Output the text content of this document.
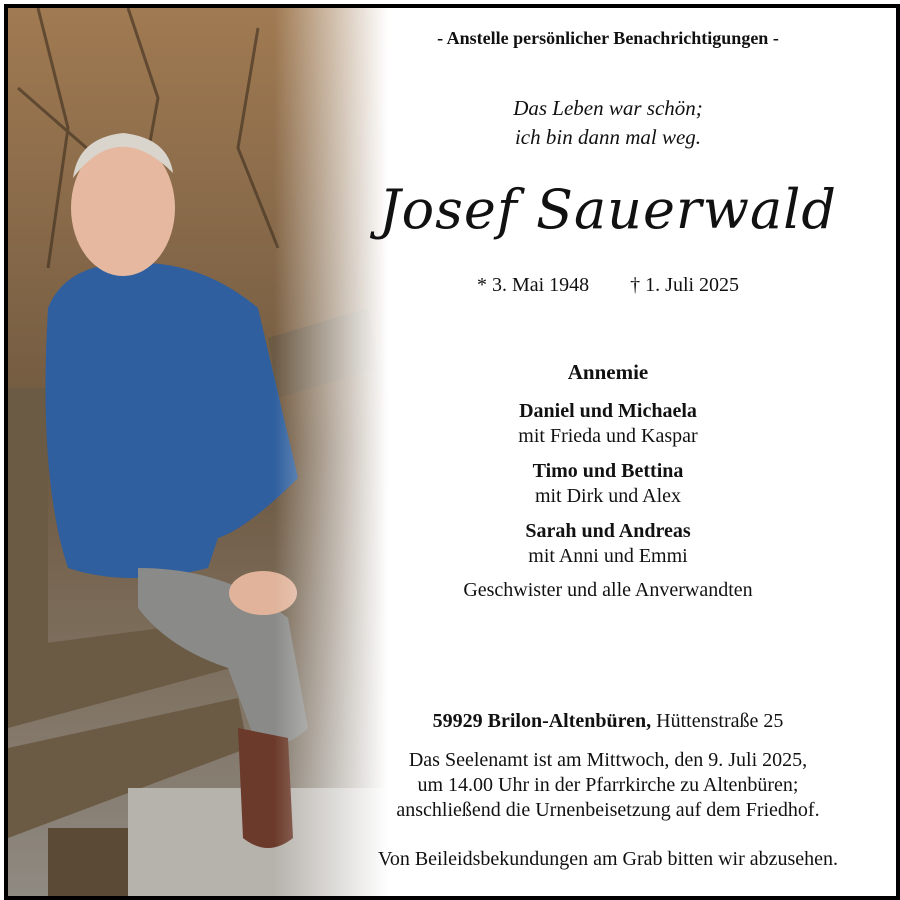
- Anstelle persönlicher Benachrichtigungen -
Das Leben war schön;
ich bin dann mal weg.
Josef Sauerwald
* 3. Mai 1948 † 1. Juli 2025
Annemie
Daniel und Michaela
mit Frieda und Kaspar
Timo und Bettina
mit Dirk und Alex
Sarah und Andreas
mit Anni und Emmi
Geschwister und alle Anverwandten
59929 Brilon-Altenbüren, Hüttenstraße 25
Das Seelenamt ist am Mittwoch, den 9. Juli 2025,
um 14.00 Uhr in der Pfarrkirche zu Altenbüren;
anschließend die Urnenbeisetzung auf dem Friedhof.
Von Beileidsbekundungen am Grab bitten wir abzusehen.
